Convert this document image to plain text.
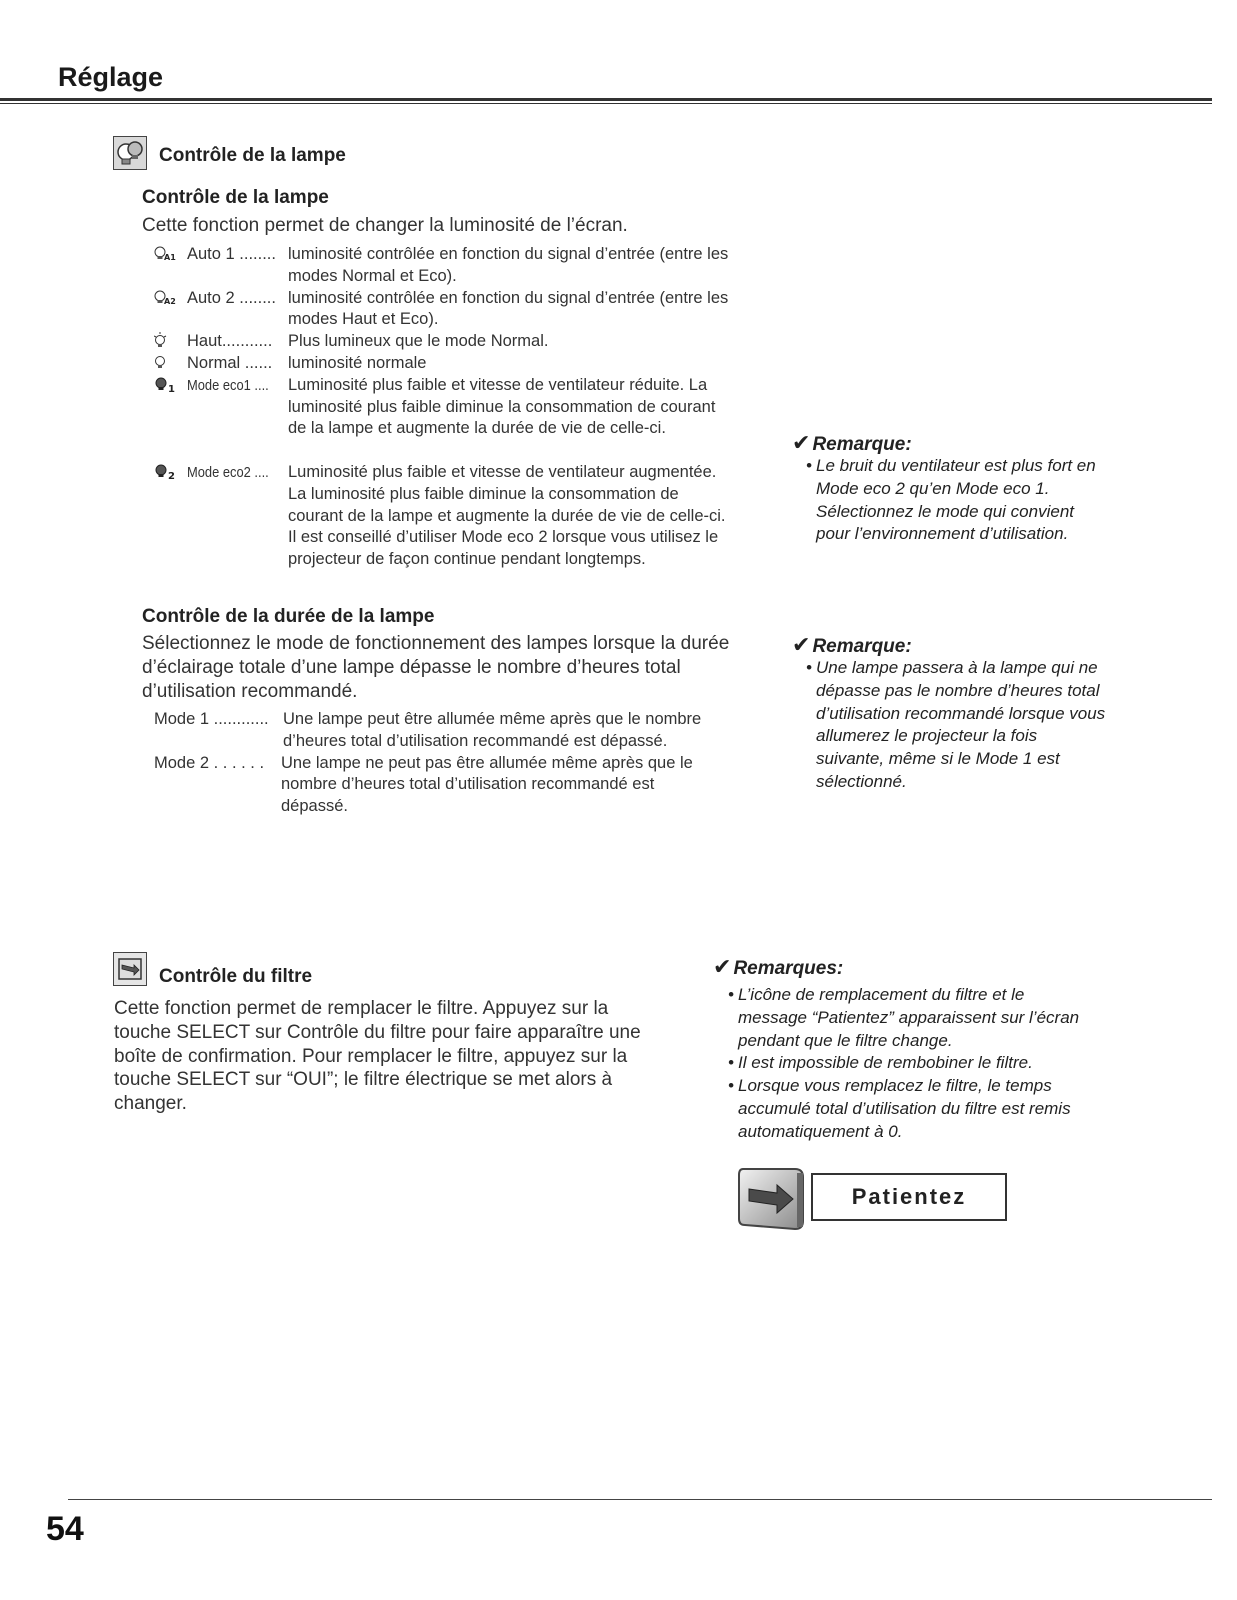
Réglage
Contrôle de la lampe
Contrôle de la lampe
Cette fonction permet de changer la luminosité de l’écran.
A1 Auto 1 ........ luminosité contrôlée en fonction du signal d’entrée (entre les modes Normal et Eco).
A2 Auto 2 ........ luminosité contrôlée en fonction du signal d’entrée (entre les modes Haut et Eco).
Haut........... Plus lumineux que le mode Normal.
Normal ...... luminosité normale
1 Mode eco1 .... Luminosité plus faible et vitesse de ventilateur réduite. La luminosité plus faible diminue la consommation de courant de la lampe et augmente la durée de vie de celle-ci.
2 Mode eco2 .... Luminosité plus faible et vitesse de ventilateur augmentée. La luminosité plus faible diminue la consommation de courant de la lampe et augmente la durée de vie de celle-ci. Il est conseillé d’utiliser Mode eco 2 lorsque vous utilisez le projecteur de façon continue pendant longtemps.
✔ Remarque:
• Le bruit du ventilateur est plus fort en Mode eco 2 qu’en Mode eco 1. Sélectionnez le mode qui convient pour l’environnement d’utilisation.
Contrôle de la durée de la lampe
Sélectionnez le mode de fonctionnement des lampes lorsque la durée d’éclairage totale d’une lampe dépasse le nombre d’heures total d’utilisation recommandé.
Mode 1 ............ Une lampe peut être allumée même après que le nombre d’heures total d’utilisation recommandé est dépassé.
Mode 2 . . . . . . Une lampe ne peut pas être allumée même après que le nombre d’heures total d’utilisation recommandé est dépassé.
✔ Remarque:
• Une lampe passera à la lampe qui ne dépasse pas le nombre d’heures total d’utilisation recommandé lorsque vous allumerez le projecteur la fois suivante, même si le Mode 1 est sélectionné.
Contrôle du filtre
Cette fonction permet de remplacer le filtre. Appuyez sur la touche SELECT sur Contrôle du filtre pour faire apparaître une boîte de confirmation. Pour remplacer le filtre, appuyez sur la touche SELECT sur “OUI”; le filtre électrique se met alors à changer.
✔ Remarques:
• L’icône de remplacement du filtre et le message “Patientez” apparaissent sur l’écran pendant que le filtre change.
• Il est impossible de rembobiner le filtre.
• Lorsque vous remplacez le filtre, le temps accumulé total d’utilisation du filtre est remis automatiquement à 0.
Patientez
54
